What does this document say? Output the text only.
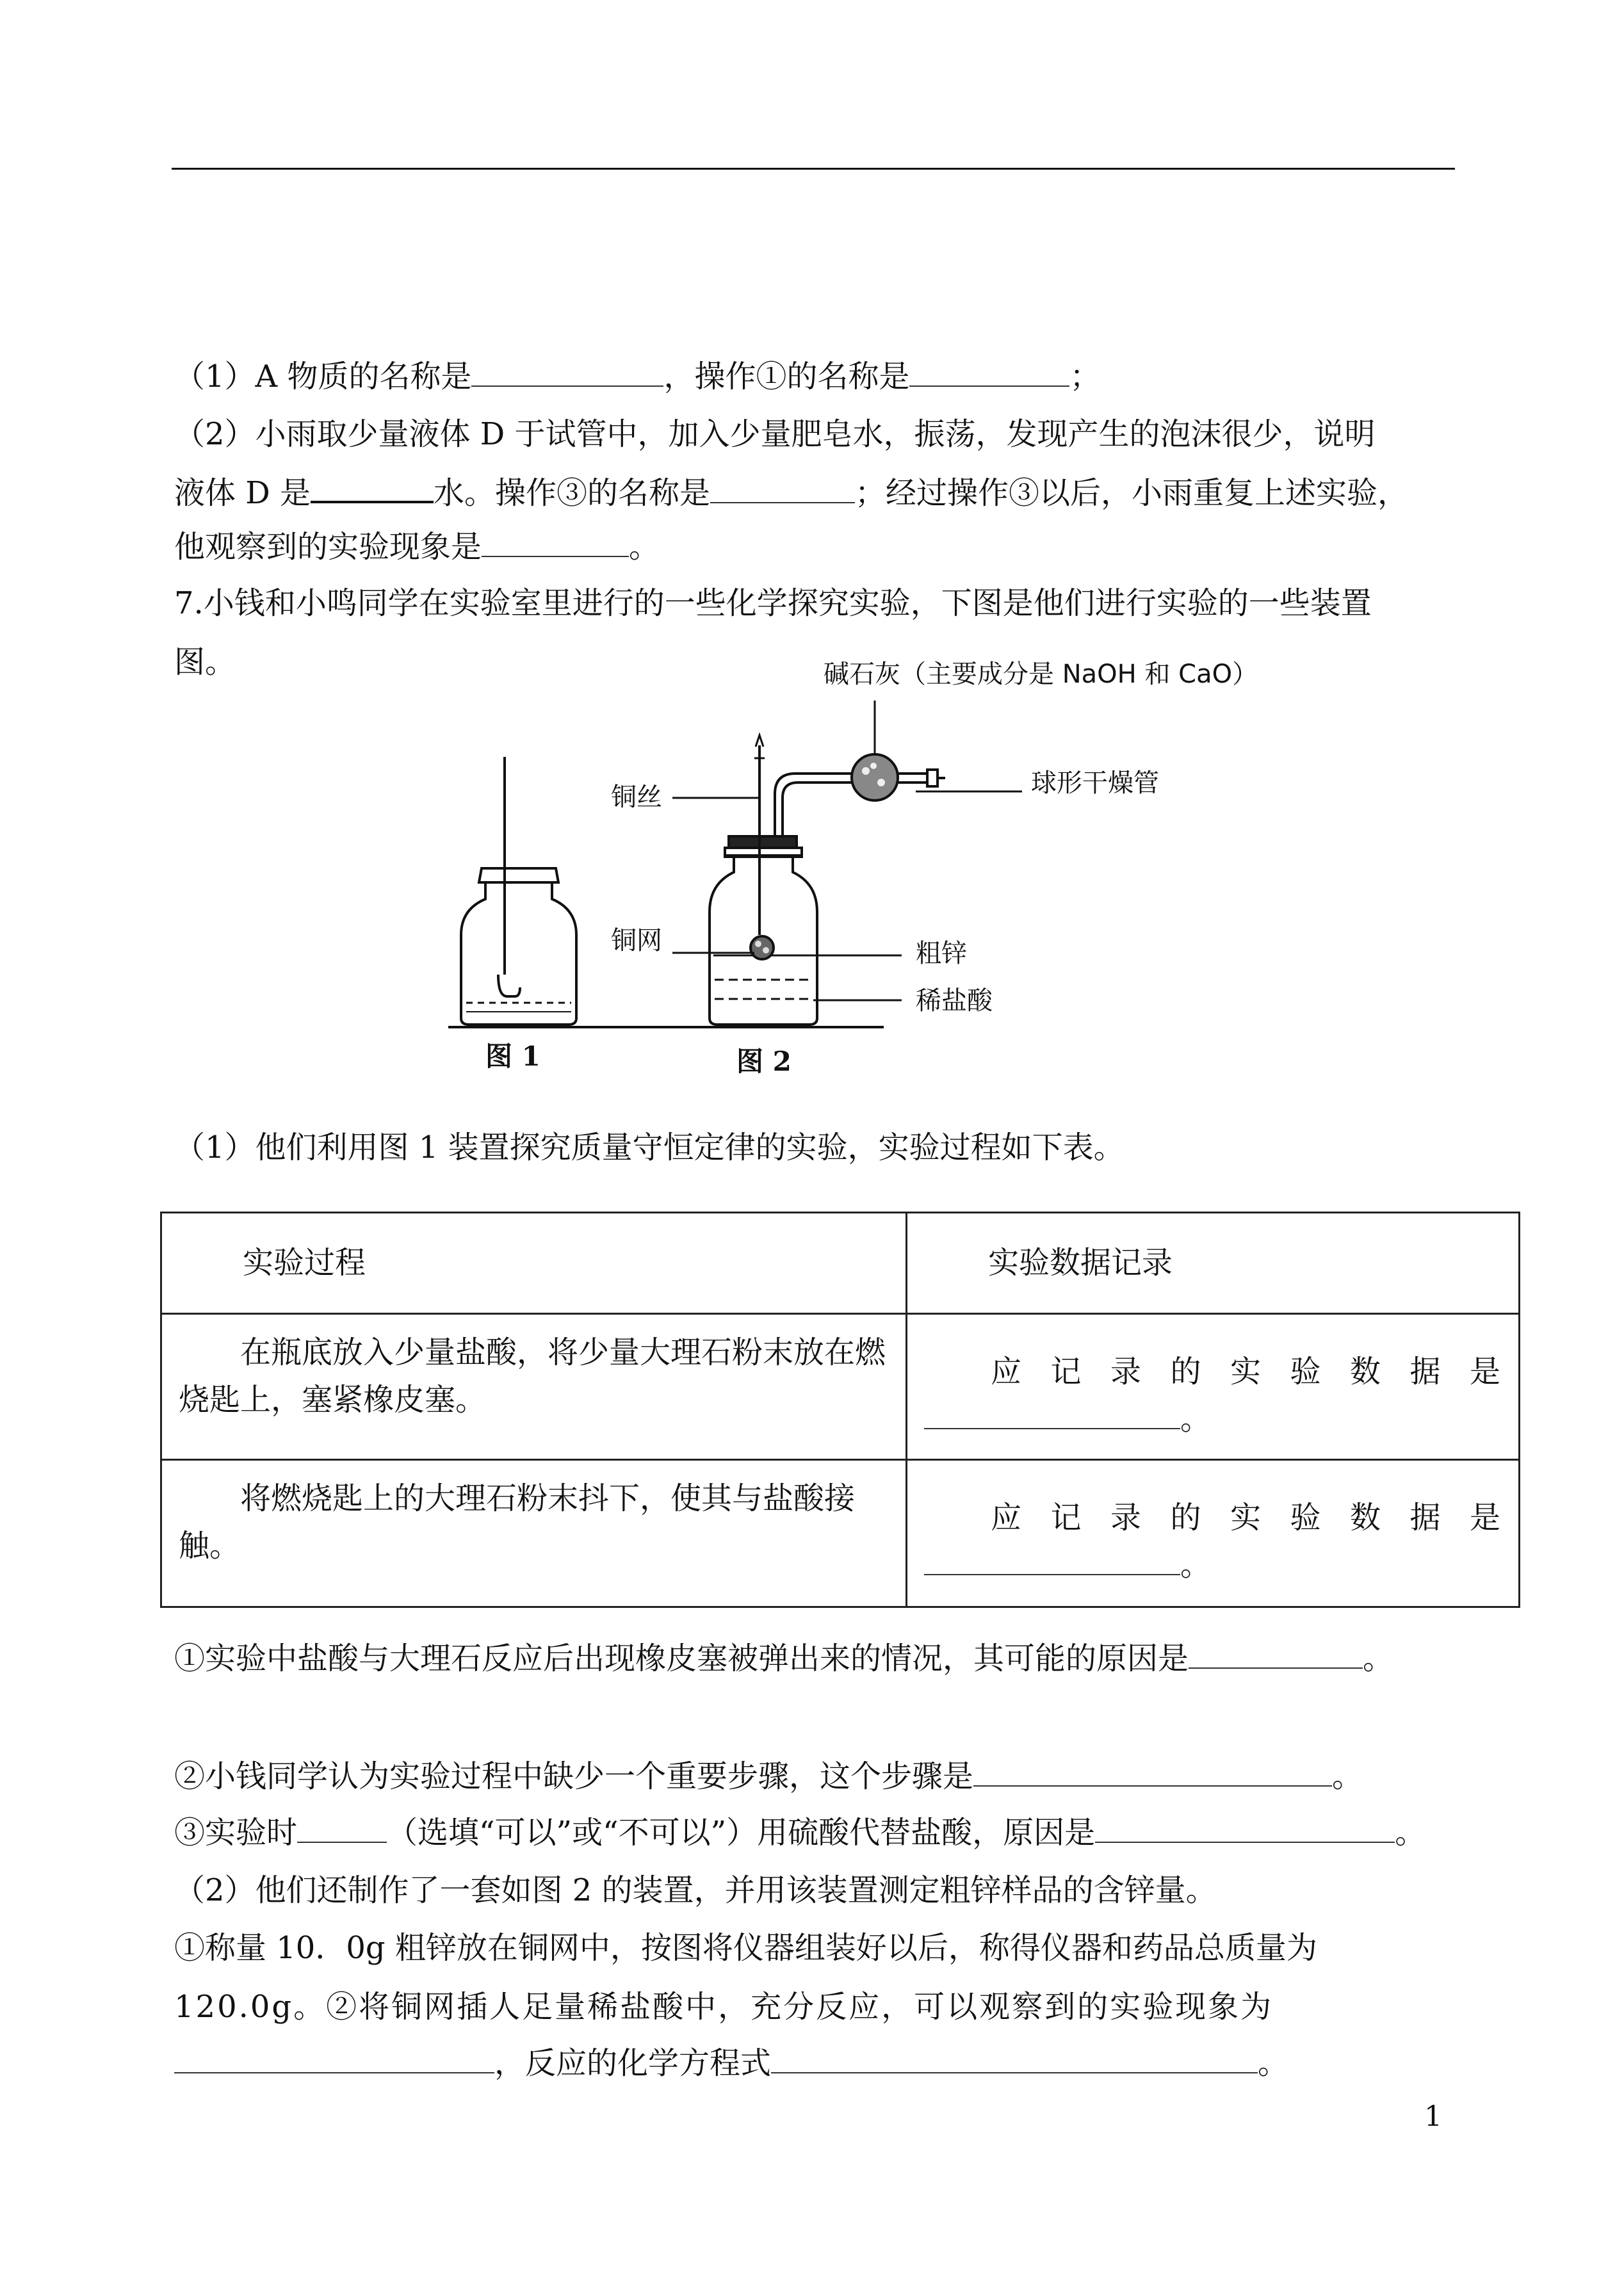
（1）A 物质的名称是	，操作①的名称是	；
（2）小雨取少量液体 D 于试管中，加入少量肥皂水，振荡，发现产生的泡沫很少，说明
液体 D 是	水。操作③的名称是	；经过操作③以后，小雨重复上述实验，
他观察到的实验现象是	。
7.小钱和小鸣同学在实验室里进行的一些化学探究实验，下图是他们进行实验的一些装置
图。	碱石灰（主要成分是 NaOH 和 CaO）
球形干燥管
铜丝
铜网	粗锌
稀盐酸
图 1	图 2
（1）他们利用图 1 装置探究质量守恒定律的实验，实验过程如下表。
实验过程	实验数据记录

在瓶底放入少量盐酸，将少量大理石粉末放在燃烧匙上，塞紧橡皮塞。	应记录的实验数据是
。

将燃烧匙上的大理石粉末抖下，使其与盐酸接触。	应记录的实验数据是
。
①实验中盐酸与大理石反应后出现橡皮塞被弹出来的情况，其可能的原因是	。
②小钱同学认为实验过程中缺少一个重要步骤，这个步骤是	。
③实验时	（选填“可以”或“不可以”）用硫酸代替盐酸，原因是	。
（2）他们还制作了一套如图 2 的装置，并用该装置测定粗锌样品的含锌量。
①称量 10．0g 粗锌放在铜网中，按图将仪器组装好以后，称得仪器和药品总质量为
120.0g。②将铜网插人足量稀盐酸中，充分反应，可以观察到的实验现象为
，反应的化学方程式	。
1
